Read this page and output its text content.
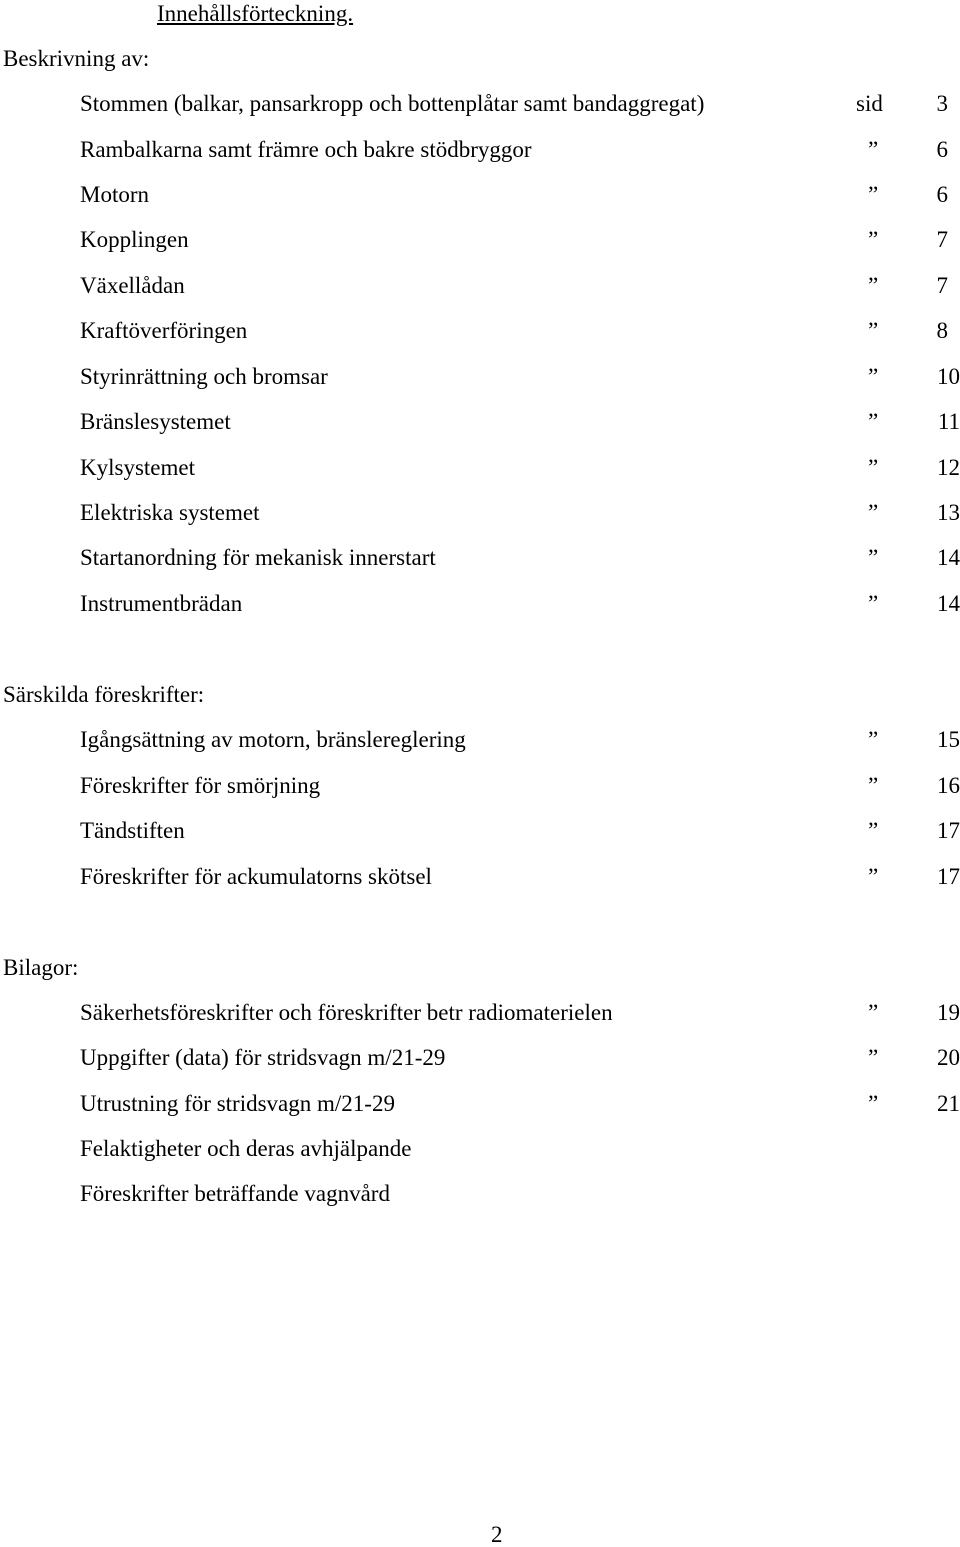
Innehållsförteckning.
Beskrivning av:
Stommen (balkar, pansarkropp och bottenplåtar samt bandaggregat)	sid	3
Rambalkarna samt främre och bakre stödbryggor	”	6
Motorn	”	6
Kopplingen	”	7
Växellådan	”	7
Kraftöverföringen	”	8
Styrinrättning och bromsar	”	10
Bränslesystemet	”	11
Kylsystemet	”	12
Elektriska systemet	”	13
Startanordning för mekanisk innerstart	”	14
Instrumentbrädan	”	14
Särskilda föreskrifter:
Igångsättning av motorn, bränslereglering	”	15
Föreskrifter för smörjning	”	16
Tändstiften	”	17
Föreskrifter för ackumulatorns skötsel	”	17
Bilagor:
Säkerhetsföreskrifter och föreskrifter betr radiomaterielen	”	19
Uppgifter (data) för stridsvagn m/21-29	”	20
Utrustning för stridsvagn m/21-29	”	21
Felaktigheter och deras avhjälpande
Föreskrifter beträffande vagnvård
2
